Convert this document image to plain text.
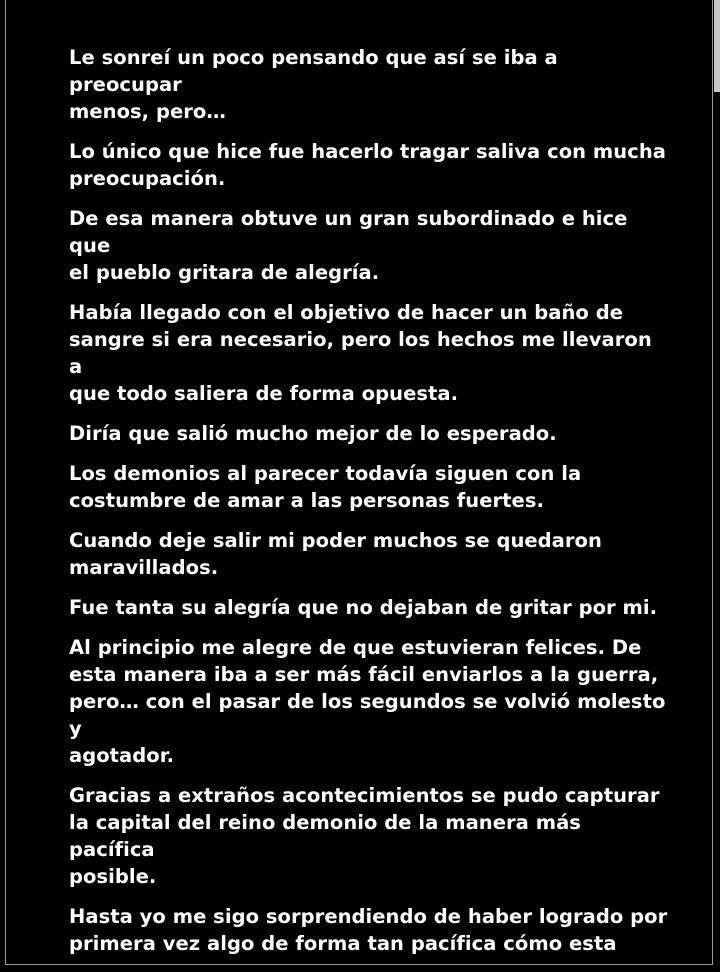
Le sonreí un poco pensando que así se iba a preocupar
menos, pero…

Lo único que hice fue hacerlo tragar saliva con mucha
preocupación.

De esa manera obtuve un gran subordinado e hice que
el pueblo gritara de alegría.

Había llegado con el objetivo de hacer un baño de
sangre si era necesario, pero los hechos me llevaron a
que todo saliera de forma opuesta.

Diría que salió mucho mejor de lo esperado.

Los demonios al parecer todavía siguen con la
costumbre de amar a las personas fuertes.

Cuando deje salir mi poder muchos se quedaron
maravillados.

Fue tanta su alegría que no dejaban de gritar por mi.

Al principio me alegre de que estuvieran felices. De
esta manera iba a ser más fácil enviarlos a la guerra,
pero… con el pasar de los segundos se volvió molesto y
agotador.

Gracias a extraños acontecimientos se pudo capturar
la capital del reino demonio de la manera más pacífica
posible.

Hasta yo me sigo sorprendiendo de haber logrado por
primera vez algo de forma tan pacífica cómo esta
